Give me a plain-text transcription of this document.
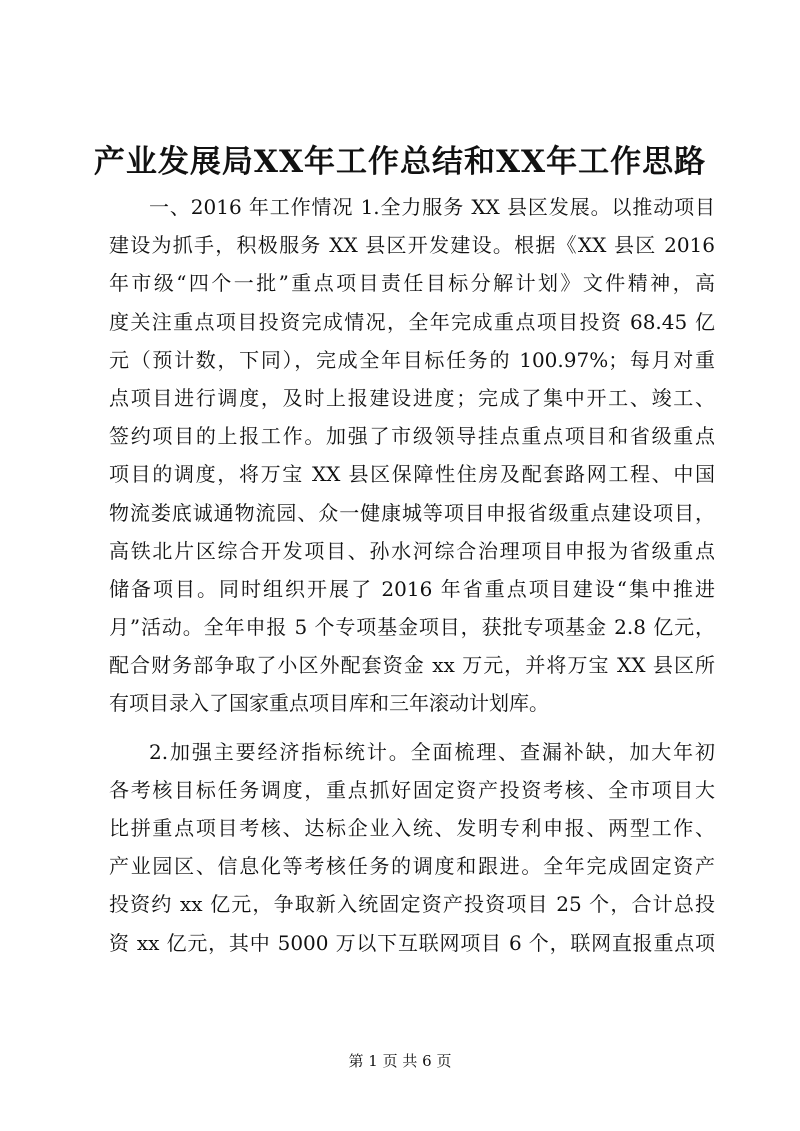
产业发展局XX年工作总结和XX年工作思路
一、2016 年工作情况 1.全力服务 XX 县区发展。以推动项目
建设为抓手，积极服务 XX 县区开发建设。根据《XX 县区 2016
年市级“四个一批”重点项目责任目标分解计划》文件精神，高
度关注重点项目投资完成情况，全年完成重点项目投资 68.45 亿
元（预计数，下同），完成全年目标任务的 100.97%；每月对重
点项目进行调度，及时上报建设进度；完成了集中开工、竣工、
签约项目的上报工作。加强了市级领导挂点重点项目和省级重点
项目的调度，将万宝 XX 县区保障性住房及配套路网工程、中国
物流娄底诚通物流园、众一健康城等项目申报省级重点建设项目，
高铁北片区综合开发项目、孙水河综合治理项目申报为省级重点
储备项目。同时组织开展了 2016 年省重点项目建设“集中推进
月”活动。全年申报 5 个专项基金项目，获批专项基金 2.8 亿元，
配合财务部争取了小区外配套资金 xx 万元，并将万宝 XX 县区所
有项目录入了国家重点项目库和三年滚动计划库。
2.加强主要经济指标统计。全面梳理、查漏补缺，加大年初
各考核目标任务调度，重点抓好固定资产投资考核、全市项目大
比拼重点项目考核、达标企业入统、发明专利申报、两型工作、
产业园区、信息化等考核任务的调度和跟进。全年完成固定资产
投资约 xx 亿元，争取新入统固定资产投资项目 25 个，合计总投
资 xx 亿元，其中 5000 万以下互联网项目 6 个，联网直报重点项
第 1 页 共 6 页
